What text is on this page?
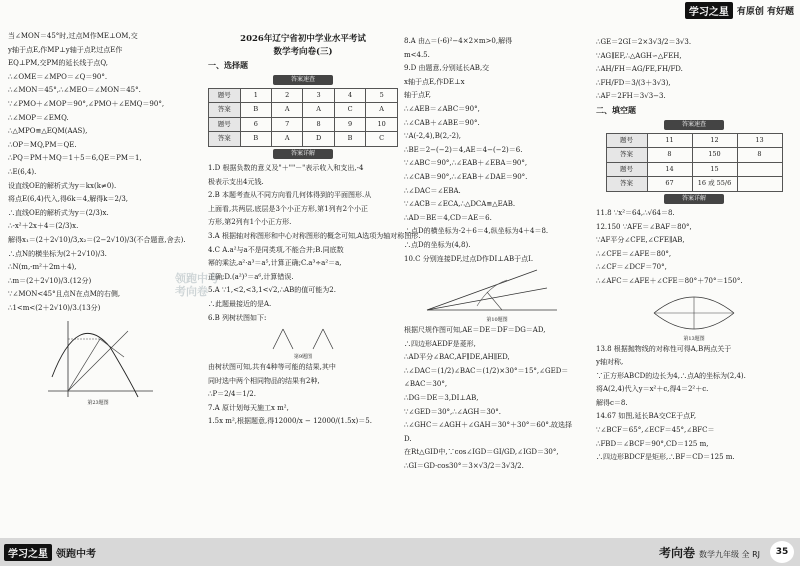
学习之星 有原创 有好题
领跑中考
考向卷

当∠MON＝45°时,过点M作ME⊥OM,交

y轴于点E,作MP⊥y轴于点P,过点E作

EQ⊥PM,交PM的延长线于点Q,

∴∠OME＝∠MPO＝∠Q＝90°.

∴∠MON＝45°,∴∠MEO＝∠MON＝45°.

∵∠PMO＋∠MOP＝90°,∠PMO＋∠EMQ＝90°,

∴∠MOP＝∠EMQ.

∴△MPO≌△EQM(AAS),

∴OP＝MQ,PM＝QE.

∴PQ＝PM＋MQ＝1＋5＝6,QE＝PM＝1,

∴E(6,4).

设直线OE的解析式为y＝kx(k≠0).

将点E(6,4)代入,得6k＝4,解得k＝2/3,

∴直线OE的解析式为y＝(2/3)x.

∴-x²＋2x＋4＝(2/3)x.

解得x₁＝(2＋2√10)/3,x₂＝(2−2√10)/3(不合题意,舍去).

∴点N的横坐标为(2＋2√10)/3.

∴N(m,-m²＋2m＋4),

∴m＝(2＋2√10)/3.(12分)

∵∠MON<45°且点N在点M的右侧,

∴1<m<(2＋2√10)/3.(13分)

第23题图
2026年辽宁省初中学业水平考试
数学考向卷(三)
一、选择题
答案速查
题号	1	2	3	4	5
答案	B	A	A	C	A
题号	6	7	8	9	10
答案	B	A	D	B	C
答案详解

1.D 根据负数的意义及"＋""－"表示收入和支出,-4

极表示支出4元钱.

2.B 本题考查从不同方向看几何体得到的平面图形.从

上面看,共两层,底层是3个小正方形,第1列有2个小正

方形,第2列有1个小正方形.

3.A 根据轴对称图形和中心对称图形的概念可知,A选项为轴对称图形.

4.C A.a²与a不是同类项,不能合并;B.同底数

幂的乘法,a²·a³＝a⁵,计算正确;C.a³÷a²＝a,

正确;D.(a²)³＝a⁶,计算错误.

5.A ∵1,<2,<3,1<√2,∴AB的值可能为2.

∴此题最接近的是A.

6.B 列树状图如下:

第9题图

由树状图可知,共有4种等可能的结果,其中

同时选中两个相同物品的结果有2种,

∴P＝2/4＝1/2.

7.A 原计划每天施工x m²,

1.5x m²,根据题意,得12000/x − 12000/(1.5x)＝5.

8.A 由△＝(-6)²−4×2×m>0,解得

m<4.5.

9.D 由题意,分别延长AB,交

x轴于点E,作DE⊥x

轴于点F,

∴∠AEB＝∠ABC＝90°,

∴∠CAB＋∠ABE＝90°.

∵A(-2,4),B(2,-2),

∴BE＝2−(−2)＝4,AE＝4−(−2)＝6.

∵∠ABC＝90°,∴∠EAB＋∠EBA＝90°,

∴∠CAB＝90°,∴∠EAB＋∠DAE＝90°.

∴∠DAC＝∠EBA.

∵∠ACB＝∠ECA,∴△DCA≌△EAB.

∴AD＝BE＝4,CD＝AE＝6.

∴点D的横坐标为-2＋6＝4,纵坐标为4＋4＝8.

∴点D的坐标为(4,8).

10.C 分别连接DF,过点D作DI⊥AB于点I.

第10题图

根据尺规作图可知,AE＝DE＝DF＝DG＝AD,

∴四边形AEDF是菱形,

∴AD平分∠BAC,AF∥DE,AH∥ED,

∴∠DAC＝(1/2)∠BAC＝(1/2)×30°＝15°,∠GED＝

∠BAC＝30°,

∴DG＝DE＝3,DI⊥AB,

∵∠GED＝30°,∴∠AGH＝30°.

∴∠GHC＝∠AGH＋∠GAH＝30°＋30°＝60°.故选择

D.

在Rt△GID中,∵cos∠IGD＝GI/GD,∠IGD＝30°,

∴GI＝GD·cos30°＝3×√3/2＝3√3/2.

∴GE＝2GI＝2×3√3/2＝3√3.

∵AG∥EF,∴△AGH∽△FEH,

∴AH/FH＝AG/FE,FH/FD.

∴FH/FD＝3/(3＋3√3),

∴AF＝2FH＝3√3−3.

二、填空题
答案速查
题号	11	12	13
答案	8	150	8
题号	14	15	
答案	67	16 或 55/6	
答案详解

11.8 ∵x²＝64,∴√64＝8.

12.150 ∵AFE＝∠BAF＝80°,

∵AF平分∠CFE,∠CFE∥AB,

∴∠CFE＝∠AFE＝80°,

∴∠CF＝∠DCF＝70°,

∴∠AFC＝∠AFE＋∠CFE＝80°＋70°＝150°.

第13题图

13.8 根据抛物线的对称性可得A,B两点关于

y轴对称,

∵正方形ABCD的边长为4,∴点A的坐标为(2,4).

将A(2,4)代入y＝x²＋c,得4＝2²＋c.

解得c＝8.

14.67 如图,延长BA交CE于点F,

∵∠BCF＝65°,∠ECF＝45°,∠BFC＝

∴FBD＝∠BCF＝90°,CD＝125 m,

∴四边形BDCF是矩形,∴BF＝CD＝125 m.

学习之星 领跑中考	考向卷 数学九年级 全 RJ	35
